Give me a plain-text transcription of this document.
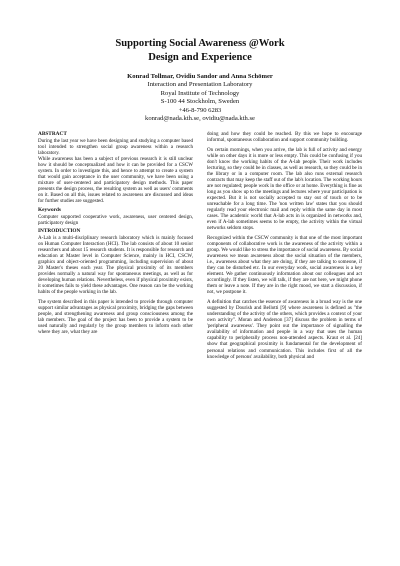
Supporting Social Awareness @Work
Design and Experience
Konrad Tollmar, Ovidiu Sandor and Anna Schömer
Interaction and Presentation Laboratory
Royal Institute of Technology
S-100 44 Stockholm, Sweden
+46-8-790 6283
konrad@nada.kth.se, ovidiu@nada.kth.se
ABSTRACT

During the last year we have been designing and studying a computer based tool intended to strengthen social group awareness within a research laboratory.

While awareness has been a subject of previous research it is still unclear how it should be conceptualized and how it can be provided for a CSCW system. In order to investigate this, and hence to attempt to create a system that would gain acceptance in the user community, we have been using a mixture of user-centered and participatory design methods. This paper presents the design process, the resulting system as well as users' comments on it. Based on all this, issues related to awareness are discussed and ideas for further studies are suggested.

Keywords

Computer supported cooperative work, awareness, user centered design, participatory design

INTRODUCTION

A-Lab is a multi-disciplinary research laboratory which is mainly focused on Human Computer Interaction (HCI). The lab consists of about 10 senior researchers and about 15 research students. It is responsible for research and education at Master level in Computer Science, mainly in HCI, CSCW, graphics and object-oriented programming, including supervision of about 20 Master's theses each year. The physical proximity of its members provides normally a natural way for spontaneous meetings, as well as for developing human relations. Nevertheless, even if physical proximity exists, it sometimes fails to yield these advantages. One reason can be the working habits of the people working in the lab.

The system described in this paper is intended to provide through computer support similar advantages as physical proximity, bridging the gaps between people, and strengthening awareness and group consciousness among the lab members. The goal of the project has been to provide a system to be used naturally and regularly by the group members to inform each other where they are, what they are

doing and how they could be reached. By this we hope to encourage informal, spontaneous collaboration and support community building.

On certain mornings, when you arrive, the lab is full of activity and energy while on other days it is more or less empty. This could be confusing if you don't know the working habits of the A-lab people. Their work includes lecturing, so they could be in classes, as well as research, so they could be in the library or in a computer room. The lab also runs external research contracts that may keep the staff out of the lab's location. The working hours are not regulated; people work in the office or at home. Everything is fine as long as you show up to the meetings and lectures where your participation is expected. But it is not socially accepted to stay out of touch or to be unreachable for a long time. The 'non written law' states that you should regularly read your electronic mail and reply within the same day in most cases. The academic world that A-lab acts in is organized in networks and, even if A-lab sometimes seems to be empty, the activity within the virtual networks seldom stops.

Recognized within the CSCW community is that one of the most important components of collaborative work is the awareness of the activity within a group. We would like to stress the importance of social awareness. By social awareness we mean awareness about the social situation of the members, i.e., awareness about what they are doing, if they are talking to someone, if they can be disturbed etc. In our everyday work, social awareness is a key element. We gather continuously information about our colleagues and act accordingly. If they listen, we will talk, if they are not here, we might phone them or leave a note. If they are in the right mood, we start a discussion, if not, we postpone it.

A definition that catches the essence of awareness in a broad way is the one suggested by Dourish and Bellotti [9] where awareness is defined as "the understanding of the activity of the others, which provides a context of your own activity". Moran and Anderson [37] discuss the problem in terms of 'peripheral awareness'. They point out the importance of signalling the availability of information and people in a way that uses the human capability to peripherally process non-attended aspects. Kraut et al. [24] show that geographical proximity is fundamental for the development of personal relations and communication. This includes first of all the knowledge of persons' availability, both physical and
